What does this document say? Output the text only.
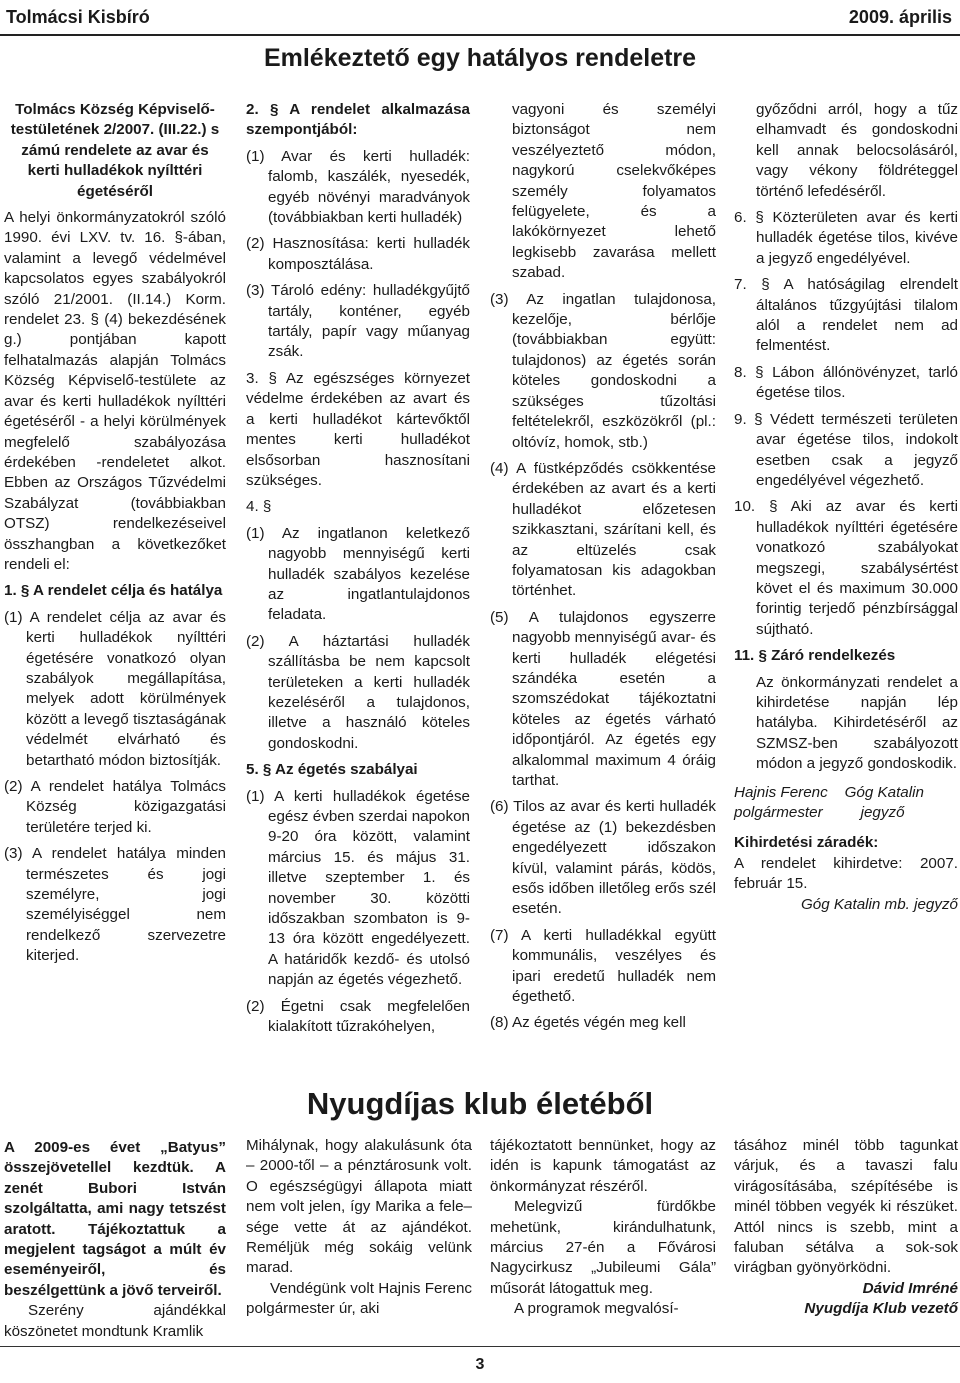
Tolmácsi Kisbíró	2009. április
Emlékeztető egy hatályos rendeletre

Tolmács Község Képviselő-testületének 2/2007. (III.22.) s zámú rendelete az avar és kerti hulladékok nyílttéri égetéséről

A helyi önkormányzatokról szóló 1990. évi LXV. tv. 16. §-ában, valamint a levegő védelmével kapcsolatos egyes szabályokról szóló 21/2001. (II.14.) Korm. rendelet 23. § (4) bekezdésének g.) pontjában kapott felhatalmazás alapján Tolmács Község Képviselő-testülete az avar és kerti hulladékok nyílttéri égetéséről - a helyi körülmények megfelelő szabályozása érdekében -rendeletet alkot. Ebben az Országos Tűzvédelmi Szabályzat (továbbiakban OTSZ) rendelkezéseivel összhangban a következőket rendeli el:

1. § A rendelet célja és hatálya

(1) A rendelet célja az avar és kerti hulladékok nyílttéri égetésére vonatkozó olyan szabályok megállapítása, melyek adott körülmények között a levegő tisztaságának védelmét elvárható és betartható módon biztosítják.

(2) A rendelet hatálya Tolmács Község közigazgatási területére terjed ki.

(3) A rendelet hatálya minden természetes és jogi személyre, jogi személyiséggel nem rendelkező szervezetre kiterjed.

2. § A rendelet alkalmazása szempontjából:

(1) Avar és kerti hulladék: falomb, kaszálék, nyesedék, egyéb növényi maradványok (továbbiakban kerti hulladék)

(2) Hasznosítása: kerti hulladék komposztálása.

(3) Tároló edény: hulladékgyűjtő tartály, konténer, egyéb tartály, papír vagy műanyag zsák.

3. § Az egészséges környezet védelme érdekében az avart és a kerti hulladékot kártevőktől mentes kerti hulladékot elsősorban hasznosítani szükséges.

4. §

(1) Az ingatlanon keletkező nagyobb mennyiségű kerti hulladék szabályos kezelése az ingatlantulajdonos feladata.

(2) A háztartási hulladék szállításba be nem kapcsolt területeken a kerti hulladék kezeléséről a tulajdonos, illetve a használó köteles gondoskodni.

5. § Az égetés szabályai

(1) A kerti hulladékok égetése egész évben szerdai napokon 9-20 óra között, valamint március 15. és május 31. illetve szeptember 1. és november 30. közötti időszakban szombaton is 9-13 óra között engedélyezett. A határidők kezdő- és utolsó napján az égetés végezhető.

(2) Égetni csak megfelelően kialakított tűzrakóhelyen,

vagyoni és személyi biztonságot nem veszélyeztető módon, nagykorú cselekvőképes személy folyamatos felügyelete, és a lakókörnyezet lehető legkisebb zavarása mellett szabad.

(3) Az ingatlan tulajdonosa, kezelője, bérlője (továbbiakban együtt: tulajdonos) az égetés során köteles gondoskodni a szükséges tűzoltási feltételekről, eszközökről (pl.: oltóvíz, homok, stb.)

(4) A füstképződés csökkentése érdekében az avart és a kerti hulladékot előzetesen szikkasztani, szárítani kell, és az eltüzelés csak folyamatosan kis adagokban történhet.

(5) A tulajdonos egyszerre nagyobb mennyiségű avar- és kerti hulladék elégetési szándéka esetén a szomszédokat tájékoztatni köteles az égetés várható időpontjáról. Az égetés egy alkalommal maximum 4 óráig tarthat.

(6) Tilos az avar és kerti hulladék égetése az (1) bekezdésben engedélyezett időszakon kívül, valamint párás, ködös, esős időben illetőleg erős szél esetén.

(7) A kerti hulladékkal együtt kommunális, veszélyes és ipari eredetű hulladék nem égethető.

(8) Az égetés végén meg kell

győződni arról, hogy a tűz elhamvadt és gondoskodni kell annak belocsolásáról, vagy vékony földréteggel történő lefedéséről.

6. § Közterületen avar és kerti hulladék égetése tilos, kivéve a jegyző engedélyével.

7. § A hatóságilag elrendelt általános tűzgyújtási tilalom alól a rendelet nem ad felmentést.

8. § Lábon állónövényzet, tarló égetése tilos.

9. § Védett természeti területen avar égetése tilos, indokolt esetben csak a jegyző engedélyével végezhető.

10. § Aki az avar és kerti hulladékok nyílttéri égetésére vonatkozó szabályokat megszegi, szabálysértést követ el és maximum 30.000 forintig terjedő pénzbírsággal sújtható.

11. § Záró rendelkezés

Az önkormányzati rendelet a kihirdetése napján lép hatályba. Kihirdetéséről az SZMSZ-ben szabályozott módon a jegyző gondoskodik.

Hajnis Ferenc    Góg Katalin

polgármester         jegyző

Kihirdetési záradék:

A rendelet kihirdetve: 2007. február 15.

Góg Katalin mb. jegyző

Nyugdíjas klub életéből

A 2009-es évet „Batyus” összejövetellel kezdtük. A zenét Bubori István szolgáltatta, ami nagy tetszést aratott. Tájékoztattuk a megjelent tagságot a múlt év eseményeiről, és beszélgettünk a jövő terveiről.

Szerény ajándékkal köszönetet mondtunk Kramlik

Mihálynak, hogy alakulásunk óta – 2000-től – a pénztárosunk volt. O egészségügyi állapota miatt nem volt jelen, így Marika a fele–sége vette át az ajándékot. Reméljük még sokáig velünk marad.

Vendégünk volt Hajnis Ferenc polgármester úr, aki

tájékoztatott bennünket, hogy az idén is kapunk támogatást az önkormányzat részéről.

Melegvizű fürdőkbe mehetünk, kirándulhatunk, március 27-én a Fővárosi Nagycirkusz „Jubileumi Gála” műsorát látogattuk meg.

A programok megvalósí-

tásához minél több tagunkat várjuk, és a tavaszi falu virágosításába, szépítésébe is minél többen vegyék ki részüket. Attól nincs is szebb, mint a faluban sétálva a sok-sok virágban gyönyörködni.

Dávid Imréné

Nyugdíja Klub vezető

3
